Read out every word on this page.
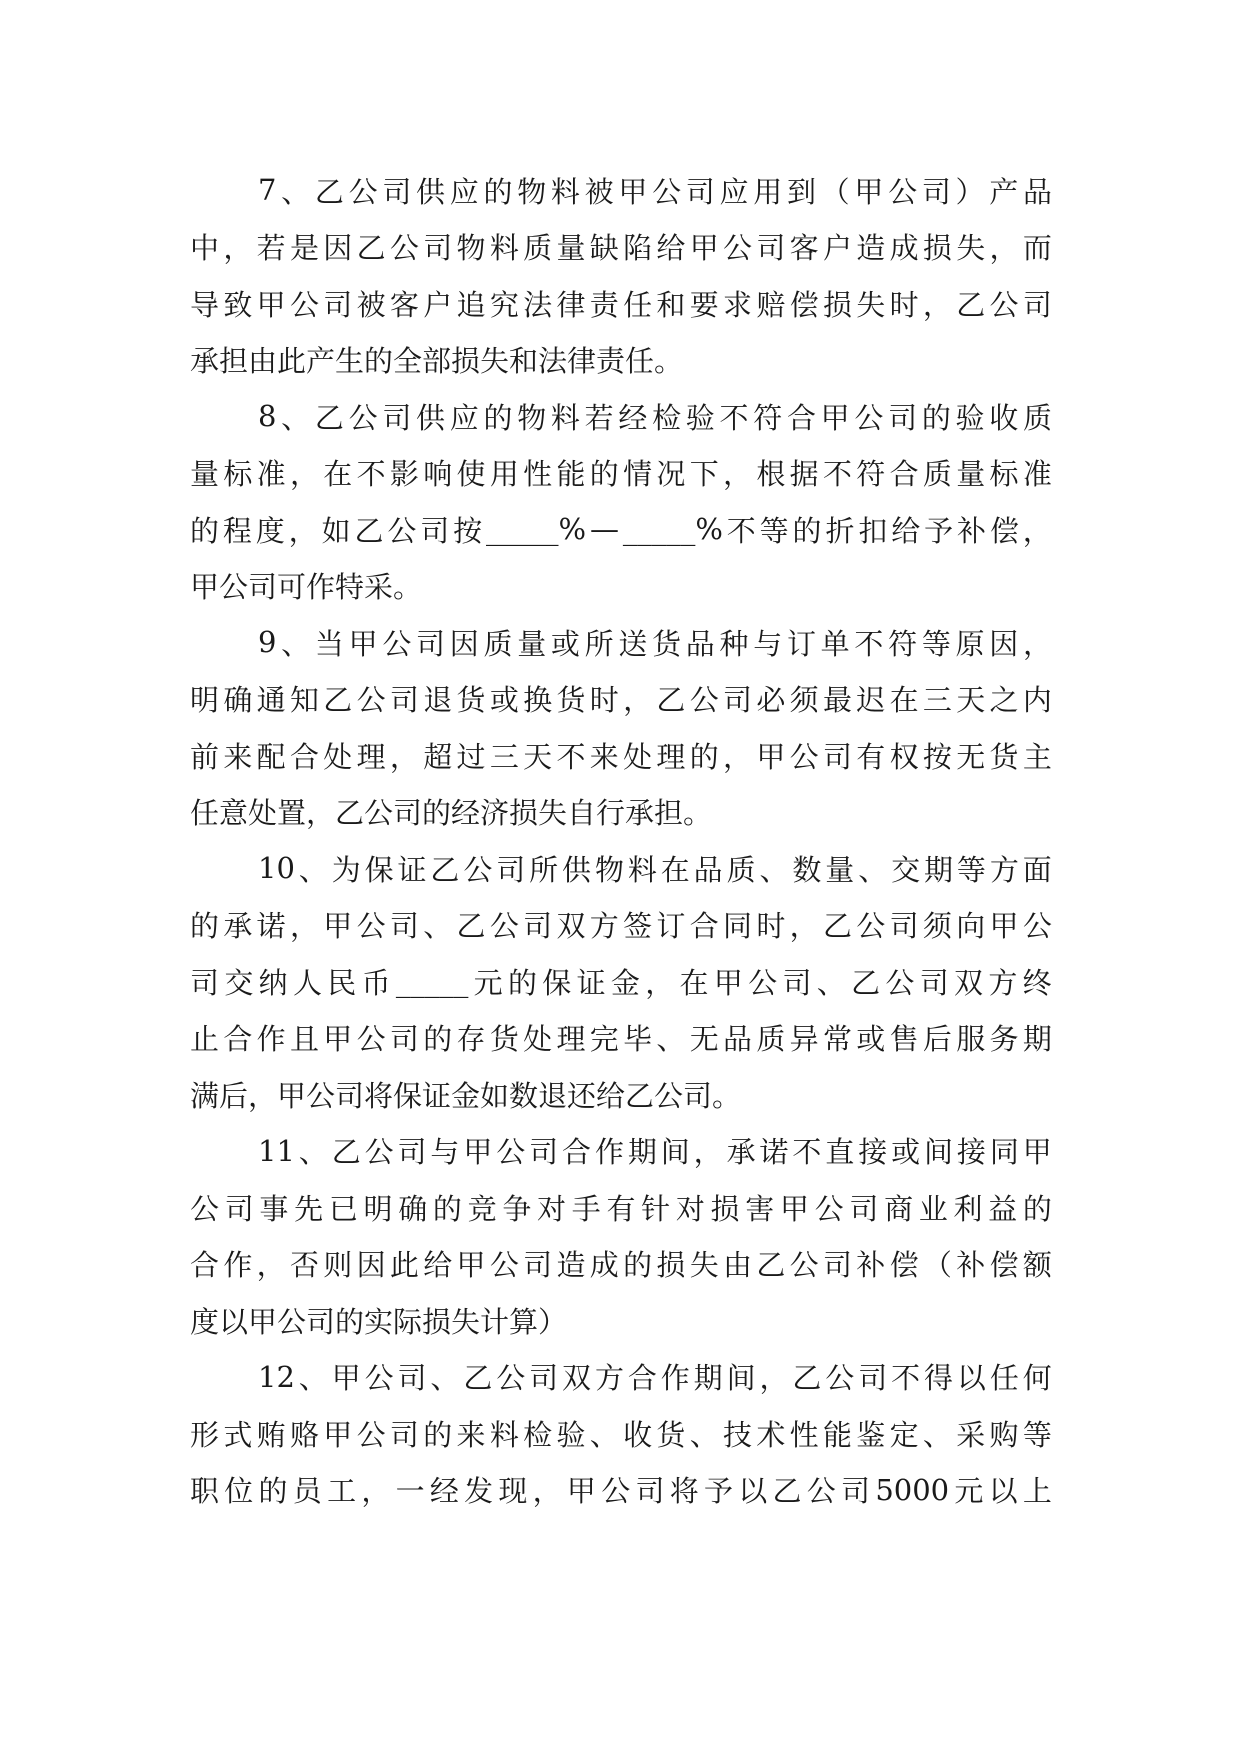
7 、 乙 公 司 供 应 的 物 料 被 甲 公 司 应 用 到 （ 甲 公 司 ） 产 品
中 ， 若 是 因 乙 公 司 物 料 质 量 缺 陷 给 甲 公 司 客 户 造 成 损 失 ， 而
导 致 甲 公 司 被 客 户 追 究 法 律 责 任 和 要 求 赔 偿 损 失 时 ， 乙 公 司
承担由此产生的全部损失和法律责任。
8 、 乙 公 司 供 应 的 物 料 若 经 检 验 不 符 合 甲 公 司 的 验 收 质
量 标 准 ， 在 不 影 响 使 用 性 能 的 情 况 下 ， 根 据 不 符 合 质 量 标 准
的 程 度 ， 如 乙 公 司 按 _____% — _____% 不 等 的 折 扣 给 予 补 偿 ，
甲公司可作特采。
9 、 当 甲 公 司 因 质 量 或 所 送 货 品 种 与 订 单 不 符 等 原 因 ，
明 确 通 知 乙 公 司 退 货 或 换 货 时 ， 乙 公 司 必 须 最 迟 在 三 天 之 内
前 来 配 合 处 理 ， 超 过 三 天 不 来 处 理 的 ， 甲 公 司 有 权 按 无 货 主
任意处置，乙公司的经济损失自行承担。
10 、 为 保 证 乙 公 司 所 供 物 料 在 品 质 、 数 量 、 交 期 等 方 面
的 承 诺 ， 甲 公 司 、 乙 公 司 双 方 签 订 合 同 时 ， 乙 公 司 须 向 甲 公
司 交 纳 人 民 币 _____ 元 的 保 证 金 ， 在 甲 公 司 、 乙 公 司 双 方 终
止 合 作 且 甲 公 司 的 存 货 处 理 完 毕 、 无 品 质 异 常 或 售 后 服 务 期
满后，甲公司将保证金如数退还给乙公司。
11 、 乙 公 司 与 甲 公 司 合 作 期 间 ， 承 诺 不 直 接 或 间 接 同 甲
公 司 事 先 已 明 确 的 竞 争 对 手 有 针 对 损 害 甲 公 司 商 业 利 益 的
合 作 ， 否 则 因 此 给 甲 公 司 造 成 的 损 失 由 乙 公 司 补 偿 （ 补 偿 额
度以甲公司的实际损失计算）
12 、 甲 公 司 、 乙 公 司 双 方 合 作 期 间 ， 乙 公 司 不 得 以 任 何
形 式 贿 赂 甲 公 司 的 来 料 检 验 、 收 货 、 技 术 性 能 鉴 定 、 采 购 等
职 位 的 员 工 ， 一 经 发 现 ， 甲 公 司 将 予 以 乙 公 司 5000 元 以 上
